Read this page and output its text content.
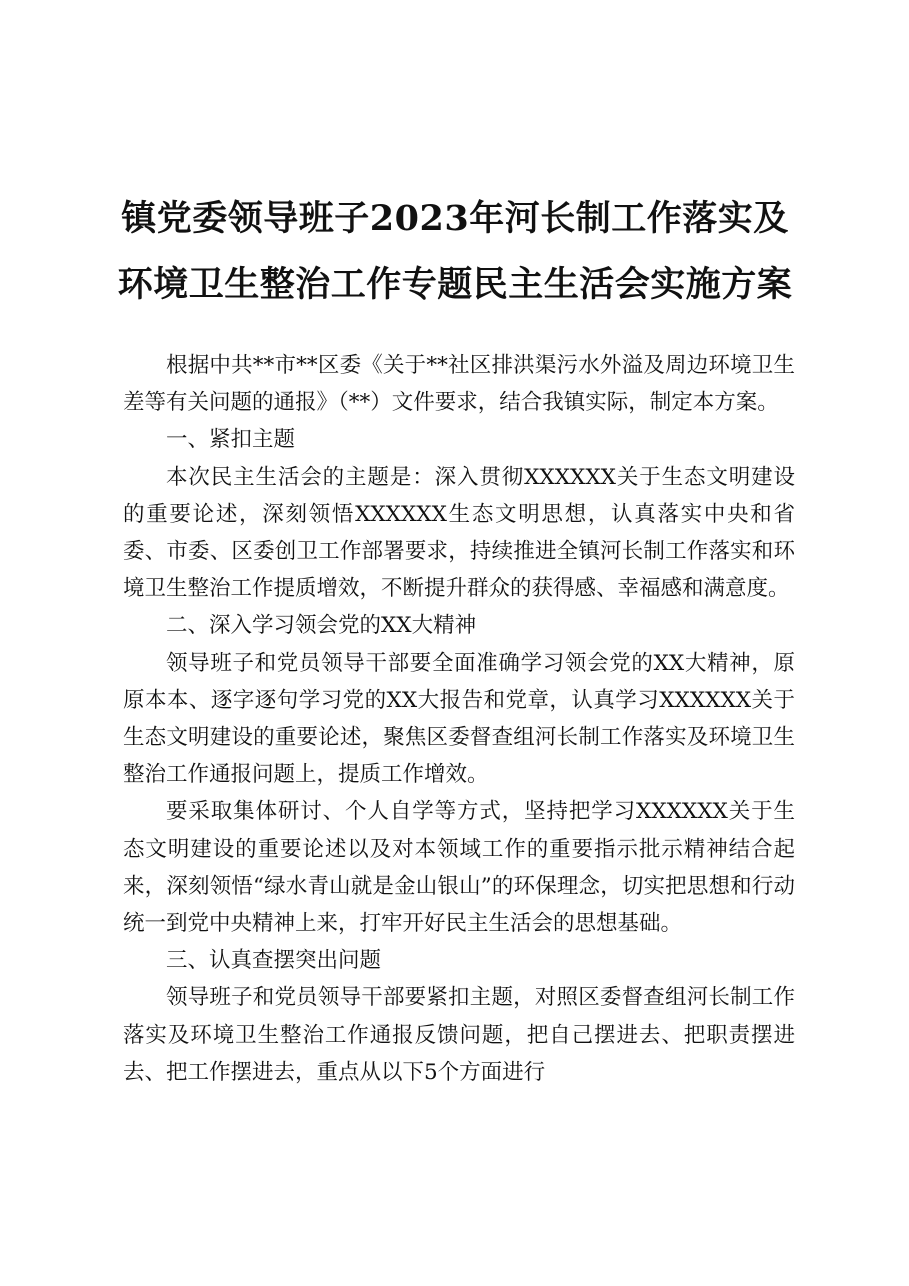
镇党委领导班子2023年河长制工作落实及环境卫生整治工作专题民主生活会实施方案

根据中共**市**区委《关于**社区排洪渠污水外溢及周边环境卫生差等有关问题的通报》（**）文件要求，结合我镇实际，制定本方案。

一、紧扣主题

本次民主生活会的主题是：深入贯彻XXXXXX关于生态文明建设的重要论述，深刻领悟XXXXXX生态文明思想，认真落实中央和省委、市委、区委创卫工作部署要求，持续推进全镇河长制工作落实和环境卫生整治工作提质增效，不断提升群众的获得感、幸福感和满意度。

二、深入学习领会党的XX大精神

领导班子和党员领导干部要全面准确学习领会党的XX大精神，原原本本、逐字逐句学习党的XX大报告和党章，认真学习XXXXXX关于生态文明建设的重要论述，聚焦区委督查组河长制工作落实及环境卫生整治工作通报问题上，提质工作增效。

要采取集体研讨、个人自学等方式，坚持把学习XXXXXX关于生态文明建设的重要论述以及对本领域工作的重要指示批示精神结合起来，深刻领悟“绿水青山就是金山银山”的环保理念，切实把思想和行动统一到党中央精神上来，打牢开好民主生活会的思想基础。

三、认真查摆突出问题

领导班子和党员领导干部要紧扣主题，对照区委督查组河长制工作落实及环境卫生整治工作通报反馈问题，把自己摆进去、把职责摆进去、把工作摆进去，重点从以下5个方面进行
